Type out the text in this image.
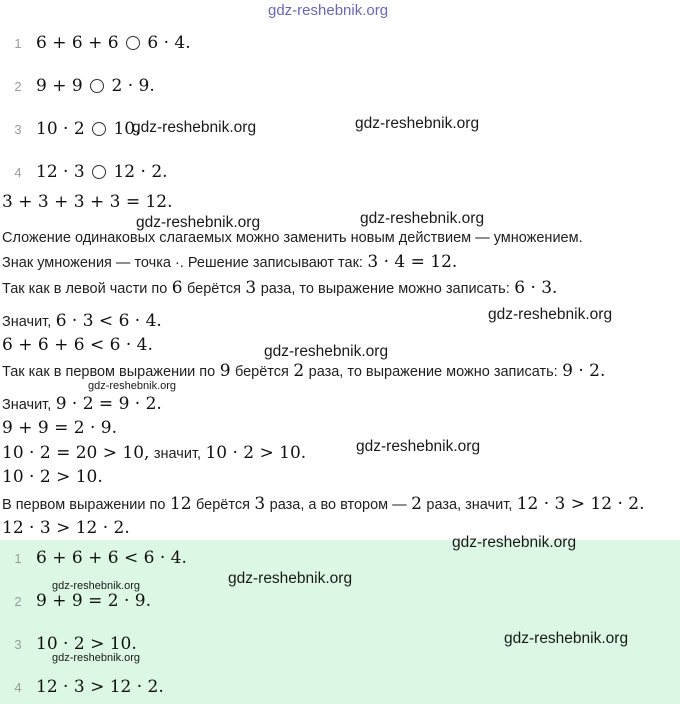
1 6 + 6 + 6 6 · 4.
2 9 + 9 2 · 9.
3 10 · 2 10.
4 12 · 3 12 · 2.
3 + 3 + 3 + 3 = 12.
Сложение одинаковых слагаемых можно заменить новым действием — умножением.
Знак умножения — точка ·. Решение записывают так: 3 · 4 = 12.
Так как в левой части по 6 берётся 3 раза, то выражение можно записать: 6 · 3.
Значит, 6 · 3 < 6 · 4.
6 + 6 + 6 < 6 · 4.
Так как в первом выражении по 9 берётся 2 раза, то выражение можно записать: 9 · 2.
Значит, 9 · 2 = 9 · 2.
9 + 9 = 2 · 9.
10 · 2 = 20 > 10, значит, 10 · 2 > 10.
10 · 2 > 10.
В первом выражении по 12 берётся 3 раза, а во втором — 2 раза, значит, 12 · 3 > 12 · 2.
12 · 3 > 12 · 2.
1 6 + 6 + 6 < 6 · 4.
2 9 + 9 = 2 · 9.
3 10 · 2 > 10.
4 12 · 3 > 12 · 2.
gdz-reshebnik.org
gdz-reshebnik.org	gdz-reshebnik.org
gdz-reshebnik.org	gdz-reshebnik.org
gdz-reshebnik.org
gdz-reshebnik.org
gdz-reshebnik.org
gdz-reshebnik.org
gdz-reshebnik.org
gdz-reshebnik.org
gdz-reshebnik.org
gdz-reshebnik.org
gdz-reshebnik.org
